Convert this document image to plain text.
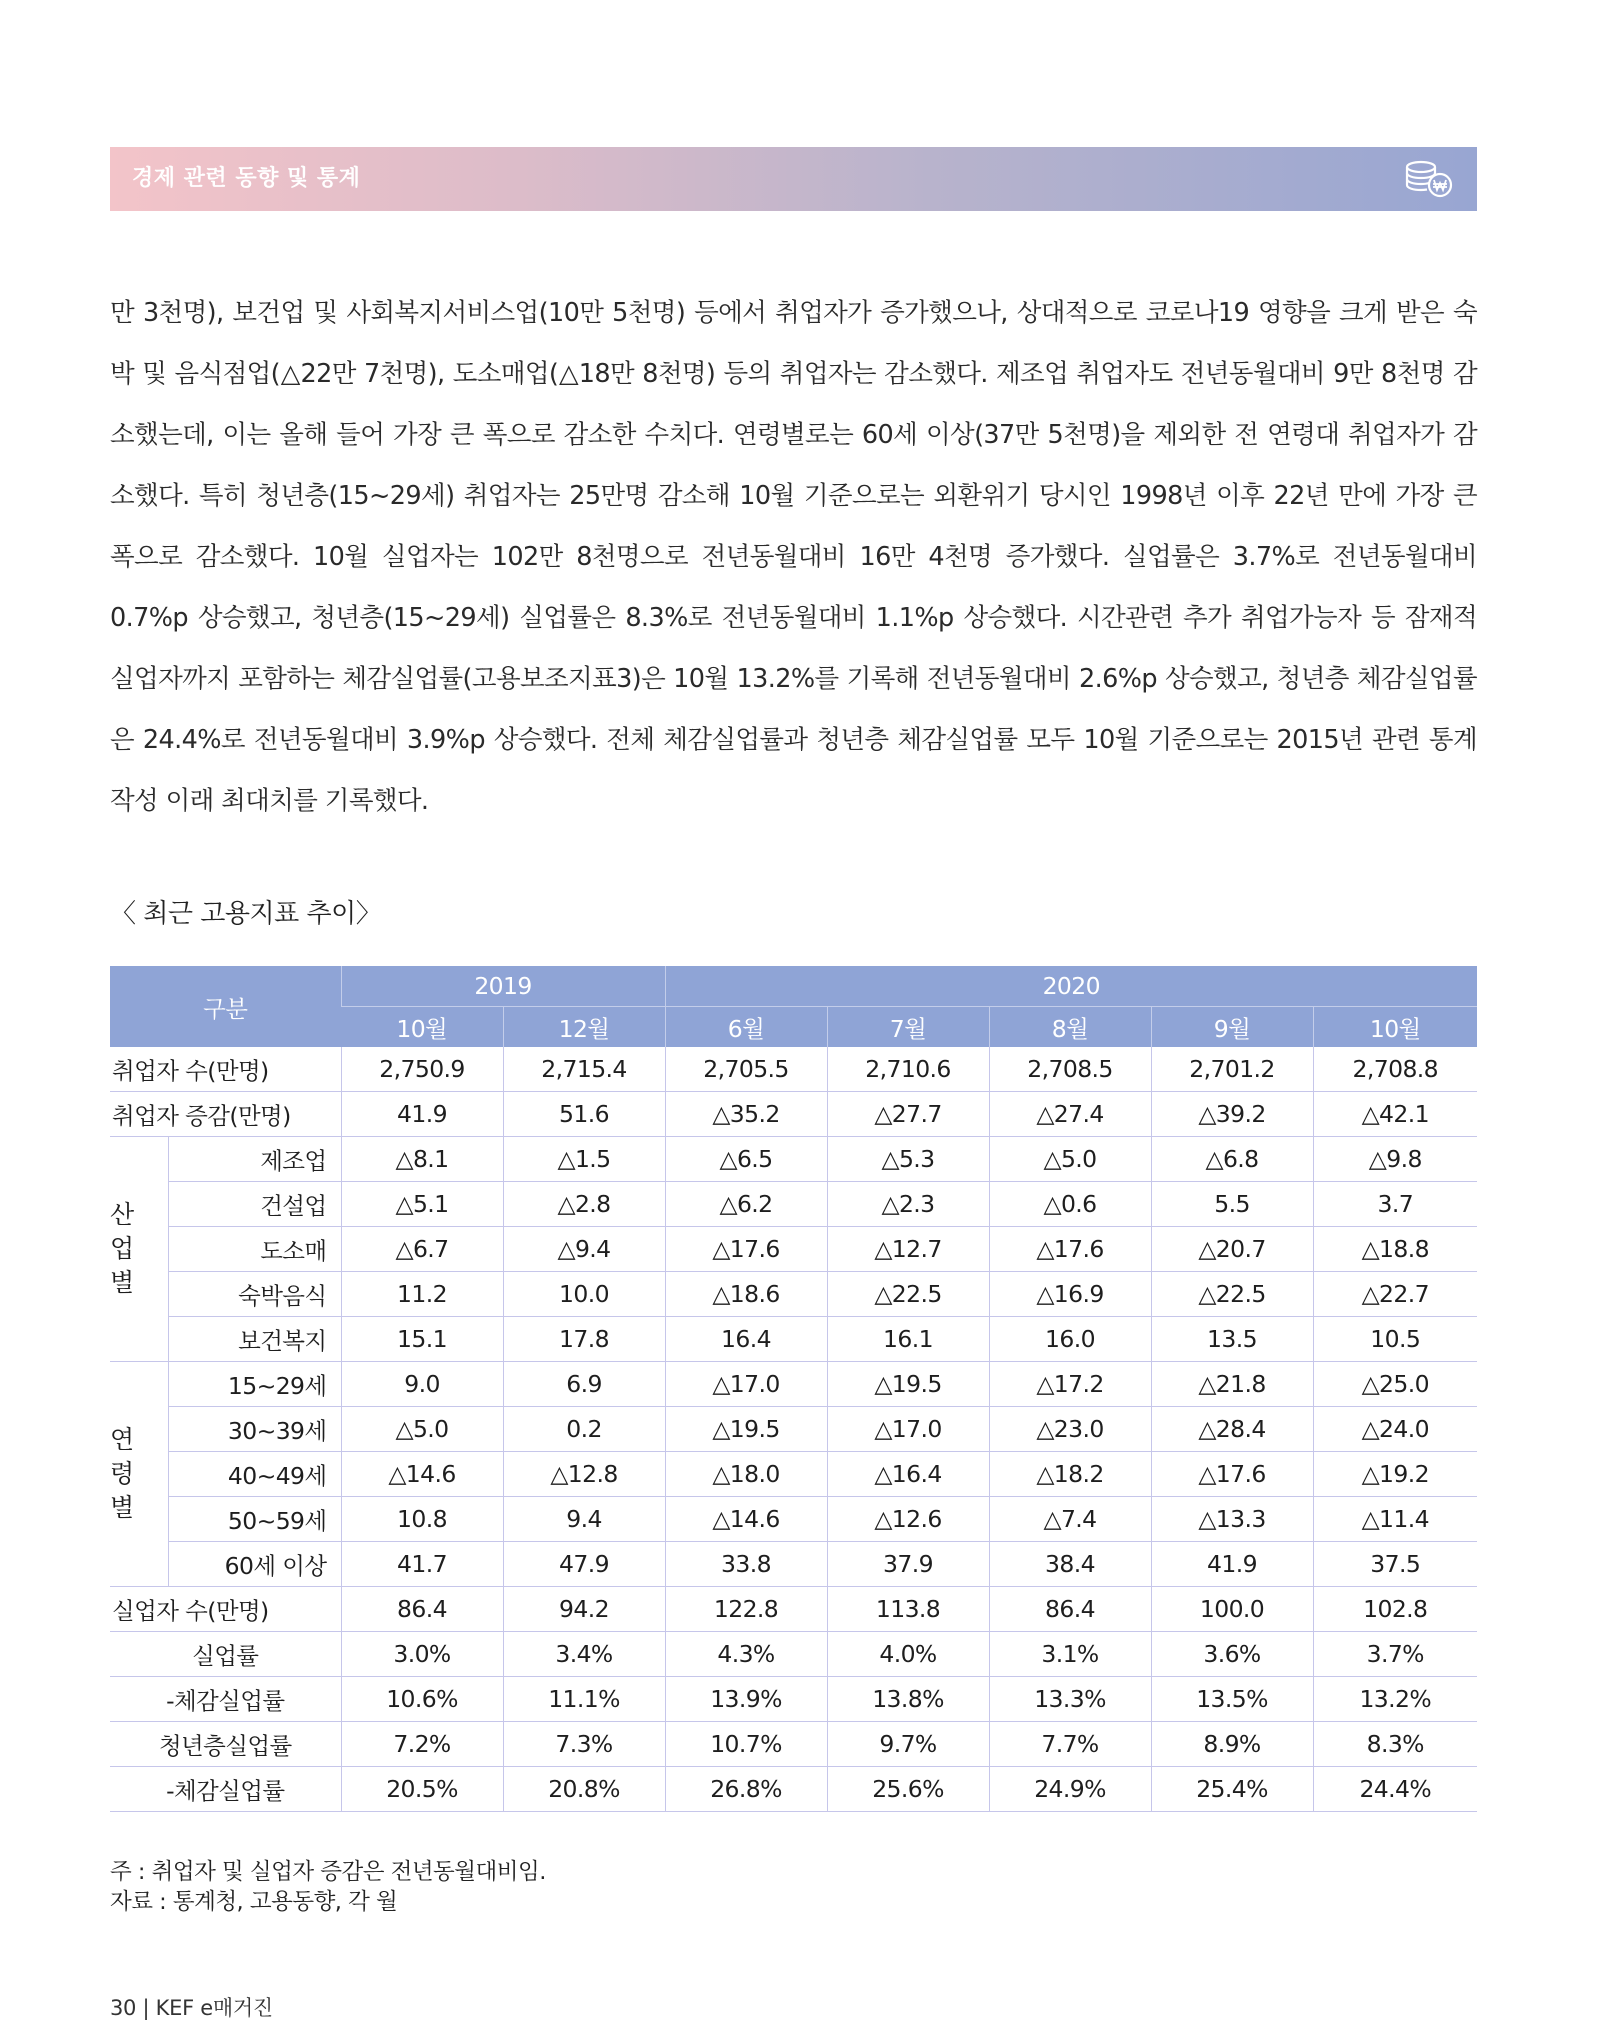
경제 관련 동향 및 통계

만 3천명), 보건업 및 사회복지서비스업(10만 5천명) 등에서 취업자가 증가했으나, 상대적으로 코로나19 영향을 크게 받은 숙박 및 음식점업(△22만 7천명), 도소매업(△18만 8천명) 등의 취업자는 감소했다. 제조업 취업자도 전년동월대비 9만 8천명 감소했는데, 이는 올해 들어 가장 큰 폭으로 감소한 수치다. 연령별로는 60세 이상(37만 5천명)을 제외한 전 연령대 취업자가 감소했다. 특히 청년층(15~29세) 취업자는 25만명 감소해 10월 기준으로는 외환위기 당시인 1998년 이후 22년 만에 가장 큰 폭으로 감소했다. 10월 실업자는 102만 8천명으로 전년동월대비 16만 4천명 증가했다. 실업률은 3.7%로 전년동월대비 0.7%p 상승했고, 청년층(15~29세) 실업률은 8.3%로 전년동월대비 1.1%p 상승했다. 시간관련 추가 취업가능자 등 잠재적 실업자까지 포함하는 체감실업률(고용보조지표3)은 10월 13.2%를 기록해 전년동월대비 2.6%p 상승했고, 청년층 체감실업률은 24.4%로 전년동월대비 3.9%p 상승했다. 전체 체감실업률과 청년층 체감실업률 모두 10월 기준으로는 2015년 관련 통계작성 이래 최대치를 기록했다.

〈 최근 고용지표 추이〉
구분		2019		2020				
		10월	12월	6월	7월	8월	9월	10월
취업자 수(만명)		2,750.9	2,715.4	2,705.5	2,710.6	2,708.5	2,701.2	2,708.8
취업자 증감(만명)		41.9	51.6	△35.2	△27.7	△27.4	△39.2	△42.1
산
업
별	제조업	△8.1	△1.5	△6.5	△5.3	△5.0	△6.8	△9.8
	건설업	△5.1	△2.8	△6.2	△2.3	△0.6	5.5	3.7
	도소매	△6.7	△9.4	△17.6	△12.7	△17.6	△20.7	△18.8
	숙박음식	11.2	10.0	△18.6	△22.5	△16.9	△22.5	△22.7
	보건복지	15.1	17.8	16.4	16.1	16.0	13.5	10.5
연
령
별	15~29세	9.0	6.9	△17.0	△19.5	△17.2	△21.8	△25.0
	30~39세	△5.0	0.2	△19.5	△17.0	△23.0	△28.4	△24.0
	40~49세	△14.6	△12.8	△18.0	△16.4	△18.2	△17.6	△19.2
	50~59세	10.8	9.4	△14.6	△12.6	△7.4	△13.3	△11.4
	60세 이상	41.7	47.9	33.8	37.9	38.4	41.9	37.5
실업자 수(만명)		86.4	94.2	122.8	113.8	86.4	100.0	102.8
실업률		3.0%	3.4%	4.3%	4.0%	3.1%	3.6%	3.7%
-체감실업률		10.6%	11.1%	13.9%	13.8%	13.3%	13.5%	13.2%
청년층실업률		7.2%	7.3%	10.7%	9.7%	7.7%	8.9%	8.3%
-체감실업률		20.5%	20.8%	26.8%	25.6%	24.9%	25.4%	24.4%
주 : 취업자 및 실업자 증감은 전년동월대비임.
자료 : 통계청, 고용동향, 각 월
30 | KEF e매거진
